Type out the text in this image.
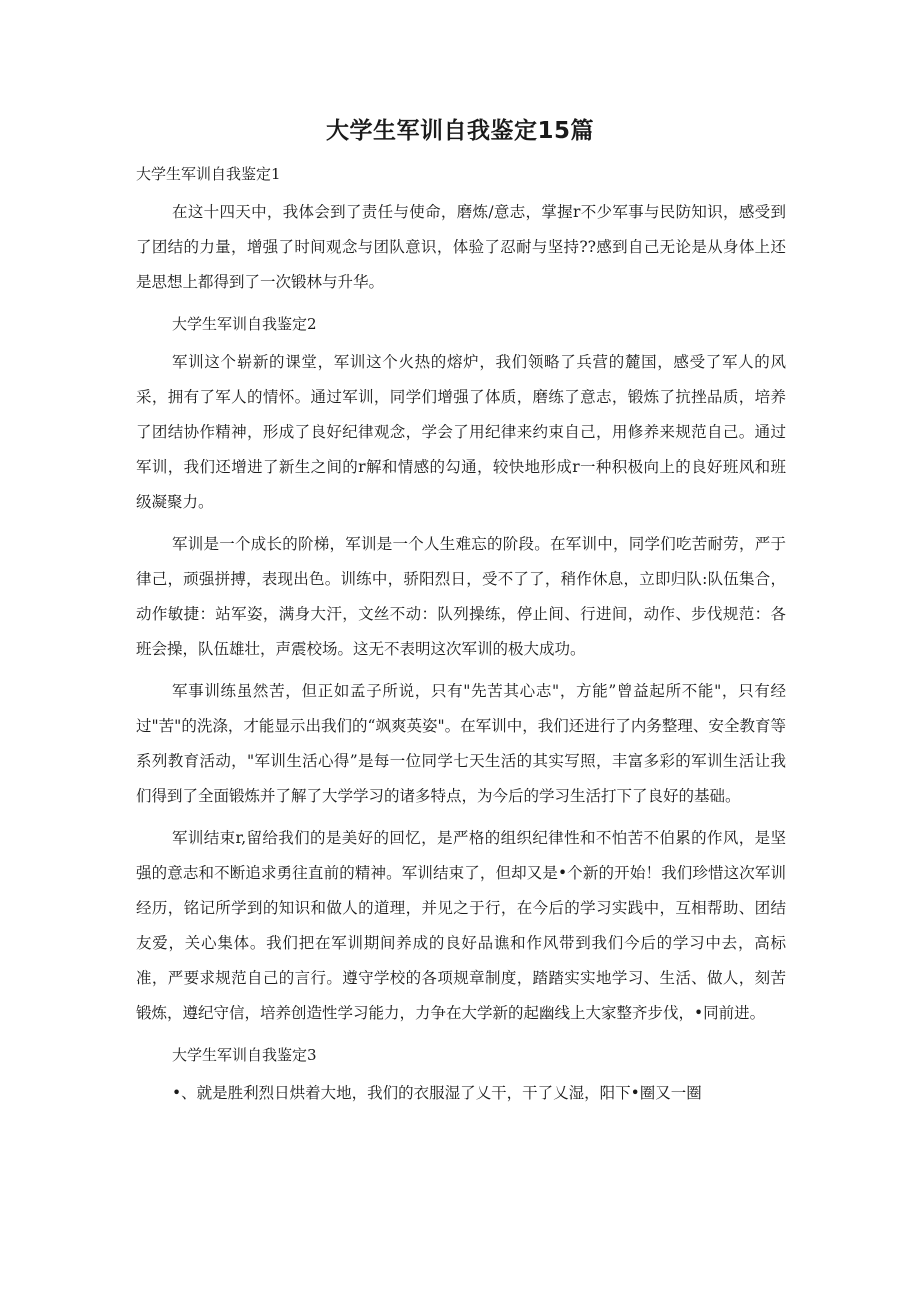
大学生军训自我鉴定15篇

大学生军训自我鉴定1

在这十四天中，我体会到了责任与使命，磨炼/意志，掌握r不少军事与民防知识，感受到了团结的力量，增强了时间观念与团队意识，体验了忍耐与坚持??感到自己无论是从身体上还是思想上都得到了一次锻林与升华。

大学生军训自我鉴定2

军训这个崭新的课堂，军训这个火热的熔炉，我们领略了兵营的麓国，感受了军人的风采，拥有了军人的情怀。通过军训，同学们增强了体质，磨练了意志，锻炼了抗挫品质，培养了团结协作精神，形成了良好纪律观念，学会了用纪律来约束自己，用修养来规范自己。通过军训，我们还增进了新生之间的r解和情感的勾通，较快地形成r一种积极向上的良好班风和班级凝聚力。

军训是一个成长的阶梯，军训是一个人生难忘的阶段。在军训中，同学们吃苦耐劳，严于律己，顽强拼搏，表现出色。训练中，骄阳烈日，受不了了，稍作休息，立即归队:队伍集合，动作敏捷：站军姿，满身大汗，文丝不动：队列操练，停止间、行进间，动作、步伐规范：各班会操，队伍雄壮，声震校场。这无不表明这次军训的极大成功。

军事训练虽然苦，但正如孟子所说，只有"先苦其心志"，方能”曾益起所不能"，只有经过"苦"的洗涤，才能显示出我们的“飒爽英姿"。在军训中，我们还进行了内务整理、安全教育等系列教育活动，"军训生活心得”是每一位同学七天生活的其实写照，丰富多彩的军训生活让我们得到了全面锻炼并了解了大学学习的诸多特点，为今后的学习生活打下了良好的基础。

军训结束r,留给我们的是美好的回忆，是严格的组织纪律性和不怕苦不伯累的作风，是坚强的意志和不断追求勇往直前的精神。军训结束了，但却又是•个新的开始！我们珍惜这次军训经历，铭记所学到的知识和做人的道理，并见之于行，在今后的学习实践中，互相帮助、团结友爱，关心集体。我们把在军训期间养成的良好品谯和作风带到我们今后的学习中去，高标准，严要求规范自己的言行。遵守学校的各项规章制度，踏踏实实地学习、生活、做人，刻苦锻炼，遵纪守信，培养创造性学习能力，力争在大学新的起幽线上大家整齐步伐，•同前进。

大学生军训自我鉴定3

•、就是胜利烈日烘着大地，我们的衣服湿了乂干，干了乂湿，阳下•圈又一圈
